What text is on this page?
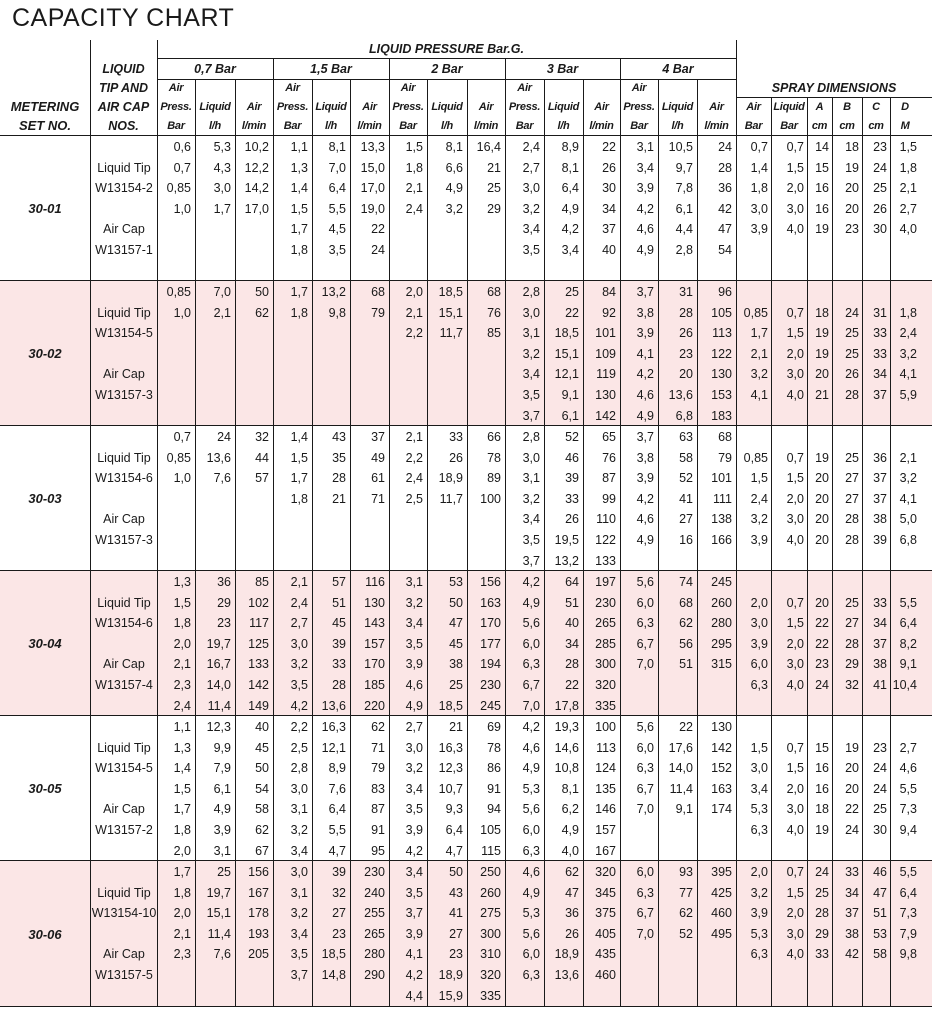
CAPACITY CHART
METERING
SET NO.
LIQUID
TIP AND
AIR CAP
NOS.
LIQUID PRESSURE Bar.G.
0,7 Bar
Air
Press.
Bar
Liquid
l/h
Air
l/min
1,5 Bar
Air
Press.
Bar
Liquid
l/h
Air
l/min
2 Bar
Air
Press.
Bar
Liquid
l/h
Air
l/min
3 Bar
Air
Press.
Bar
Liquid
l/h
Air
l/min
4 Bar
Air
Press.
Bar
Liquid
l/h
Air
l/min
SPRAY DIMENSIONS
Air
Bar
Liquid
Bar
A
cm
B
cm
C
cm
D
M
30-01
Liquid Tip
W13154-2
Air Cap
W13157-1
0,6
0,7
0,85
1,0
5,3
4,3
3,0
1,7
10,2
12,2
14,2
17,0
1,1
1,3
1,4
1,5
1,7
1,8
8,1
7,0
6,4
5,5
4,5
3,5
13,3
15,0
17,0
19,0
22
24
1,5
1,8
2,1
2,4
8,1
6,6
4,9
3,2
16,4
21
25
29
2,4
2,7
3,0
3,2
3,4
3,5
8,9
8,1
6,4
4,9
4,2
3,4
22
26
30
34
37
40
3,1
3,4
3,9
4,2
4,6
4,9
10,5
9,7
7,8
6,1
4,4
2,8
24
28
36
42
47
54
0,7
1,4
1,8
3,0
3,9
0,7
1,5
2,0
3,0
4,0
14
15
16
16
19
18
19
20
20
23
23
24
25
26
30
1,5
1,8
2,1
2,7
4,0
30-02
Liquid Tip
W13154-5
Air Cap
W13157-3
0,85
1,0
7,0
2,1
50
62
1,7
1,8
13,2
9,8
68
79
2,0
2,1
2,2
18,5
15,1
11,7
68
76
85
2,8
3,0
3,1
3,2
3,4
3,5
3,7
25
22
18,5
15,1
12,1
9,1
6,1
84
92
101
109
119
130
142
3,7
3,8
3,9
4,1
4,2
4,6
4,9
31
28
26
23
20
13,6
6,8
96
105
113
122
130
153
183
0,85
1,7
2,1
3,2
4,1
0,7
1,5
2,0
3,0
4,0
18
19
19
20
21
24
25
25
26
28
31
33
33
34
37
1,8
2,4
3,2
4,1
5,9
30-03
Liquid Tip
W13154-6
Air Cap
W13157-3
0,7
0,85
1,0
24
13,6
7,6
32
44
57
1,4
1,5
1,7
1,8
43
35
28
21
37
49
61
71
2,1
2,2
2,4
2,5
33
26
18,9
11,7
66
78
89
100
2,8
3,0
3,1
3,2
3,4
3,5
3,7
52
46
39
33
26
19,5
13,2
65
76
87
99
110
122
133
3,7
3,8
3,9
4,2
4,6
4,9
63
58
52
41
27
16
68
79
101
111
138
166
0,85
1,5
2,4
3,2
3,9
0,7
1,5
2,0
3,0
4,0
19
20
20
20
20
25
27
27
28
28
36
37
37
38
39
2,1
3,2
4,1
5,0
6,8
30-04
Liquid Tip
W13154-6
Air Cap
W13157-4
1,3
1,5
1,8
2,0
2,1
2,3
2,4
36
29
23
19,7
16,7
14,0
11,4
85
102
117
125
133
142
149
2,1
2,4
2,7
3,0
3,2
3,5
4,2
57
51
45
39
33
28
13,6
116
130
143
157
170
185
220
3,1
3,2
3,4
3,5
3,9
4,6
4,9
53
50
47
45
38
25
18,5
156
163
170
177
194
230
245
4,2
4,9
5,6
6,0
6,3
6,7
7,0
64
51
40
34
28
22
17,8
197
230
265
285
300
320
335
5,6
6,0
6,3
6,7
7,0
74
68
62
56
51
245
260
280
295
315
2,0
3,0
3,9
6,0
6,3
0,7
1,5
2,0
3,0
4,0
20
22
22
23
24
25
27
28
29
32
33
34
37
38
41
5,5
6,4
8,2
9,1
10,4
30-05
Liquid Tip
W13154-5
Air Cap
W13157-2
1,1
1,3
1,4
1,5
1,7
1,8
2,0
12,3
9,9
7,9
6,1
4,9
3,9
3,1
40
45
50
54
58
62
67
2,2
2,5
2,8
3,0
3,1
3,2
3,4
16,3
12,1
8,9
7,6
6,4
5,5
4,7
62
71
79
83
87
91
95
2,7
3,0
3,2
3,4
3,5
3,9
4,2
21
16,3
12,3
10,7
9,3
6,4
4,7
69
78
86
91
94
105
115
4,2
4,6
4,9
5,3
5,6
6,0
6,3
19,3
14,6
10,8
8,1
6,2
4,9
4,0
100
113
124
135
146
157
167
5,6
6,0
6,3
6,7
7,0
22
17,6
14,0
11,4
9,1
130
142
152
163
174
1,5
3,0
3,4
5,3
6,3
0,7
1,5
2,0
3,0
4,0
15
16
16
18
19
19
20
20
22
24
23
24
24
25
30
2,7
4,6
5,5
7,3
9,4
30-06
Liquid Tip
W13154-10
Air Cap
W13157-5
1,7
1,8
2,0
2,1
2,3
25
19,7
15,1
11,4
7,6
156
167
178
193
205
3,0
3,1
3,2
3,4
3,5
3,7
39
32
27
23
18,5
14,8
230
240
255
265
280
290
3,4
3,5
3,7
3,9
4,1
4,2
4,4
50
43
41
27
23
18,9
15,9
250
260
275
300
310
320
335
4,6
4,9
5,3
5,6
6,0
6,3
62
47
36
26
18,9
13,6
320
345
375
405
435
460
6,0
6,3
6,7
7,0
93
77
62
52
395
425
460
495
2,0
3,2
3,9
5,3
6,3
0,7
1,5
2,0
3,0
4,0
24
25
28
29
33
33
34
37
38
42
46
47
51
53
58
5,5
6,4
7,3
7,9
9,8
